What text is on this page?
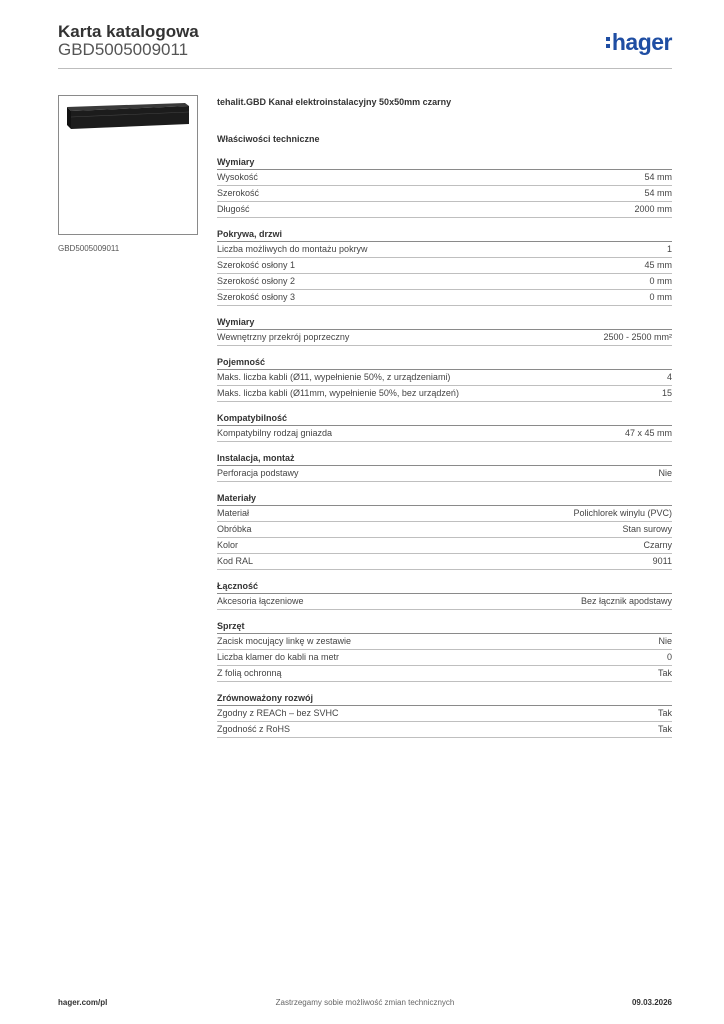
Karta katalogowa
GBD5005009011	hager
GBD5005009011
tehalit.GBD Kanał elektroinstalacyjny 50x50mm czarny
Właściwości techniczne
Wymiary
Wysokość	54 mm
Szerokość	54 mm
Długość	2000 mm
Pokrywa, drzwi
Liczba możliwych do montażu pokryw	1
Szerokość osłony 1	45 mm
Szerokość osłony 2	0 mm
Szerokość osłony 3	0 mm
Wymiary
Wewnętrzny przekrój poprzeczny	2500 - 2500 mm²
Pojemność
Maks. liczba kabli (Ø11, wypełnienie 50%, z urządzeniami)	4
Maks. liczba kabli (Ø11mm, wypełnienie 50%, bez urządzeń)	15
Kompatybilność
Kompatybilny rodzaj gniazda	47 x 45 mm
Instalacja, montaż
Perforacja podstawy	Nie
Materiały
Materiał	Polichlorek winylu (PVC)
Obróbka	Stan surowy
Kolor	Czarny
Kod RAL	9011
Łączność
Akcesoria łączeniowe	Bez łącznik apodstawy
Sprzęt
Zacisk mocujący linkę w zestawie	Nie
Liczba klamer do kabli na metr	0
Z folią ochronną	Tak
Zrównoważony rozwój
Zgodny z REACh – bez SVHC	Tak
Zgodność z RoHS	Tak
hager.com/pl	Zastrzegamy sobie możliwość zmian technicznych	09.03.2026
